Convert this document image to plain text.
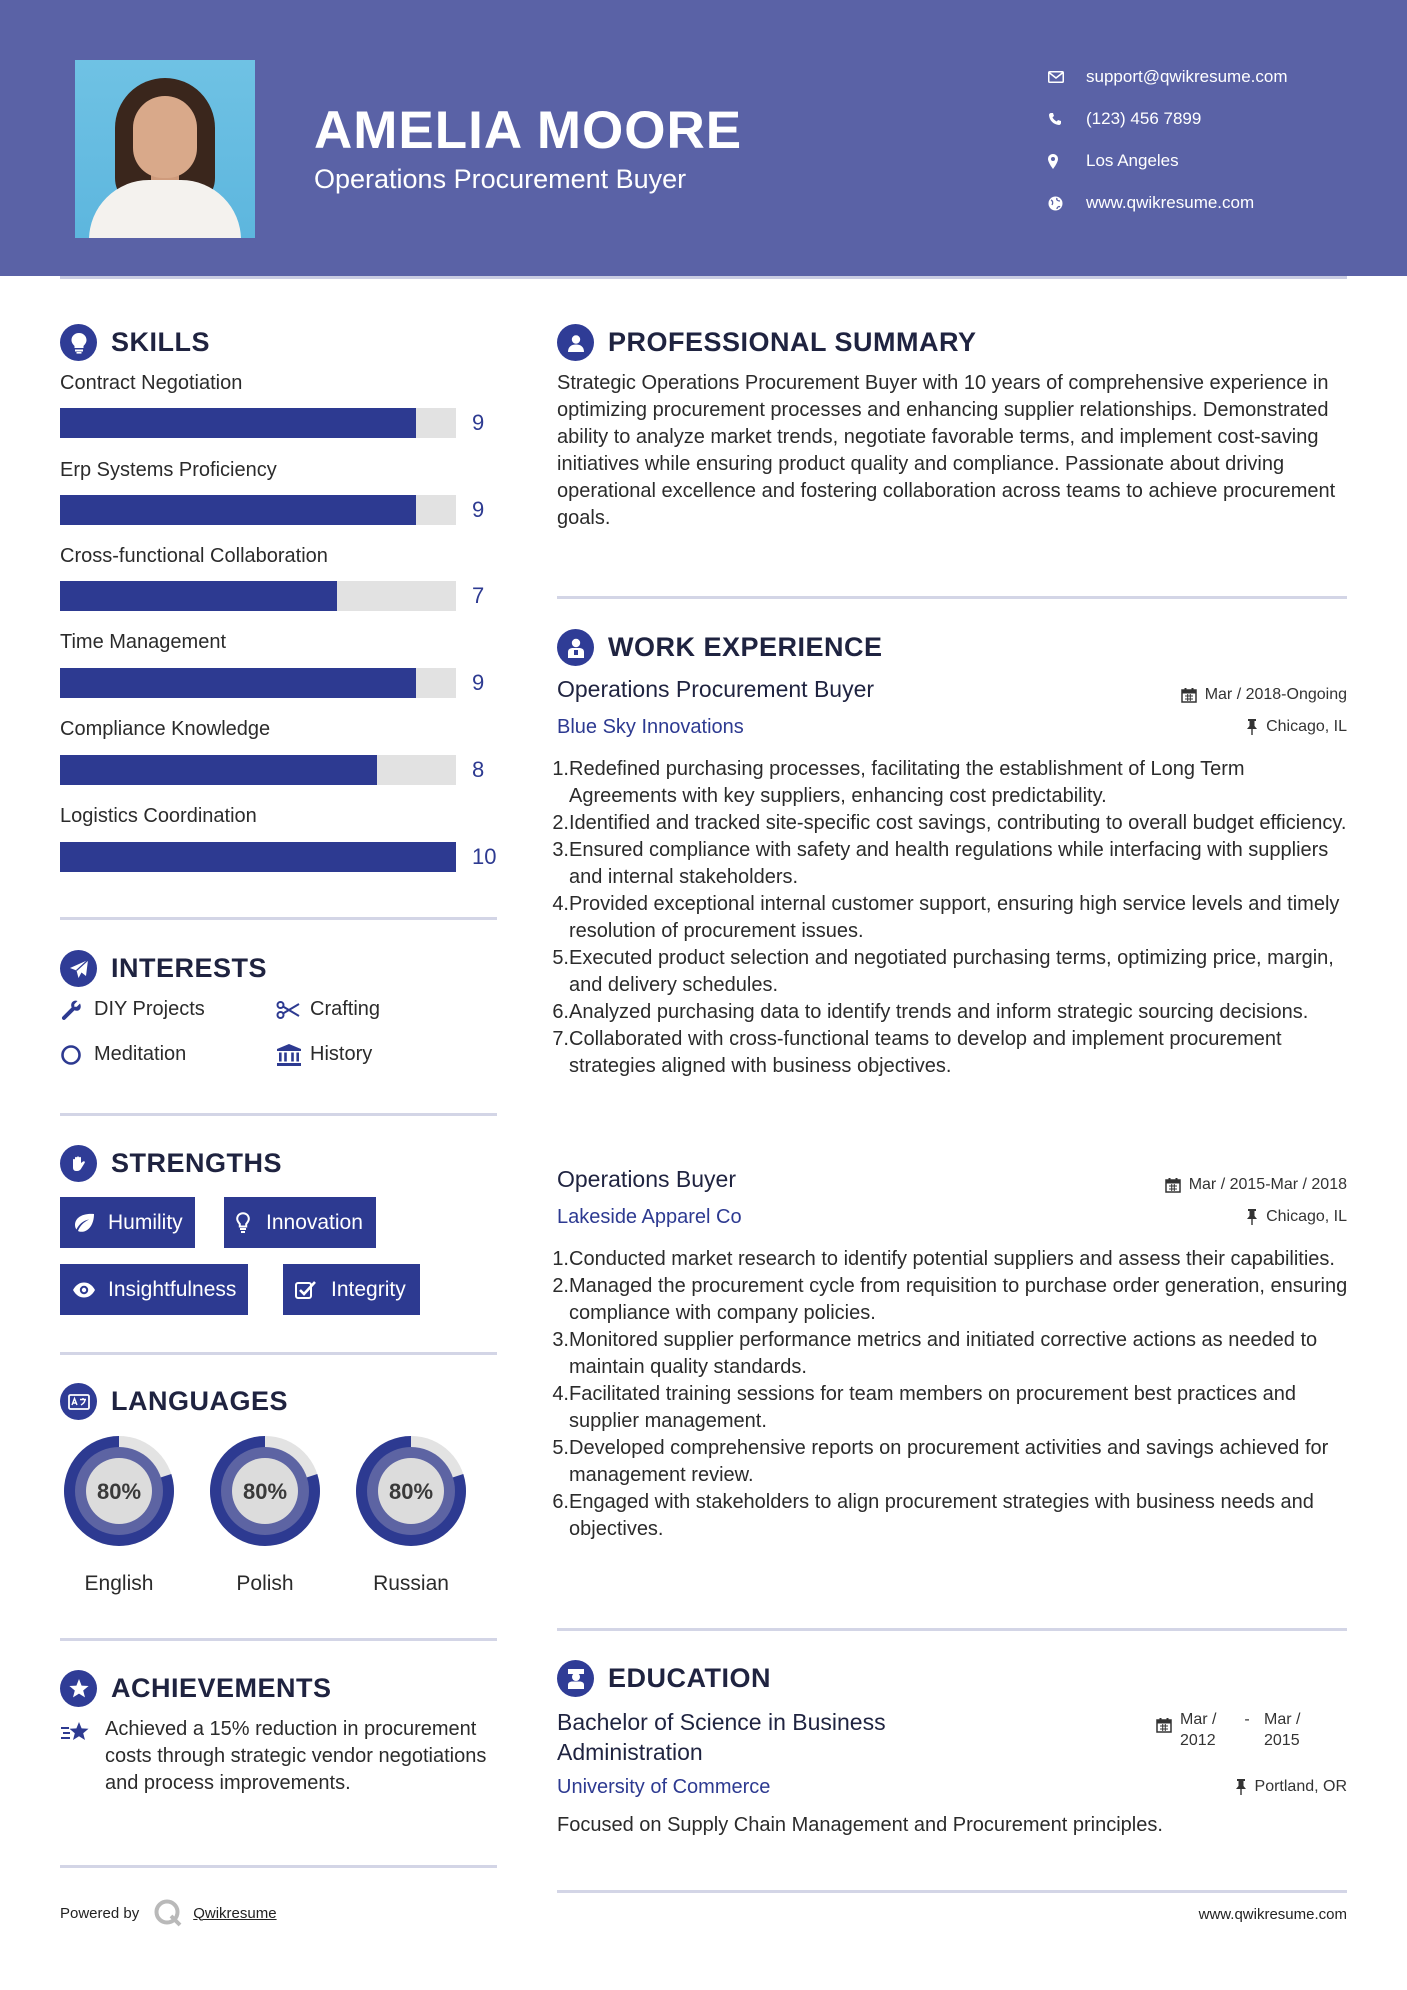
AMELIA MOORE
Operations Procurement Buyer
support@qwikresume.com
(123) 456 7899
Los Angeles
www.qwikresume.com
SKILLS
Contract Negotiation
9
Erp Systems Proficiency
9
Cross-functional Collaboration
7
Time Management
9
Compliance Knowledge
8
Logistics Coordination
10
INTERESTS
DIY Projects	Crafting
Meditation	History
STRENGTHS
Humility	Innovation
Insightfulness	Integrity
LANGUAGES
80%
English
80%
Polish
80%
Russian
ACHIEVEMENTS
Achieved a 15% reduction in procurement costs through strategic vendor negotiations and process improvements.
PROFESSIONAL SUMMARY
Strategic Operations Procurement Buyer with 10 years of comprehensive experience in optimizing procurement processes and enhancing supplier relationships. Demonstrated ability to analyze market trends, negotiate favorable terms, and implement cost-saving initiatives while ensuring product quality and compliance. Passionate about driving operational excellence and fostering collaboration across teams to achieve procurement goals.
WORK EXPERIENCE
Operations Procurement Buyer	Mar / 2018-Ongoing
Blue Sky Innovations	Chicago, IL
1. Redefined purchasing processes, facilitating the establishment of Long Term Agreements with key suppliers, enhancing cost predictability.
2. Identified and tracked site-specific cost savings, contributing to overall budget efficiency.
3. Ensured compliance with safety and health regulations while interfacing with suppliers and internal stakeholders.
4. Provided exceptional internal customer support, ensuring high service levels and timely resolution of procurement issues.
5. Executed product selection and negotiated purchasing terms, optimizing price, margin, and delivery schedules.
6. Analyzed purchasing data to identify trends and inform strategic sourcing decisions.
7. Collaborated with cross-functional teams to develop and implement procurement strategies aligned with business objectives.
Operations Buyer	Mar / 2015-Mar / 2018
Lakeside Apparel Co	Chicago, IL
1. Conducted market research to identify potential suppliers and assess their capabilities.
2. Managed the procurement cycle from requisition to purchase order generation, ensuring compliance with company policies.
3. Monitored supplier performance metrics and initiated corrective actions as needed to maintain quality standards.
4. Facilitated training sessions for team members on procurement best practices and supplier management.
5. Developed comprehensive reports on procurement activities and savings achieved for management review.
6. Engaged with stakeholders to align procurement strategies with business needs and objectives.
EDUCATION
Bachelor of Science in Business Administration
Mar / 2012
- Mar / 2015
University of Commerce	Portland, OR
Focused on Supply Chain Management and Procurement principles.
Powered by	Qwikresume	www.qwikresume.com
